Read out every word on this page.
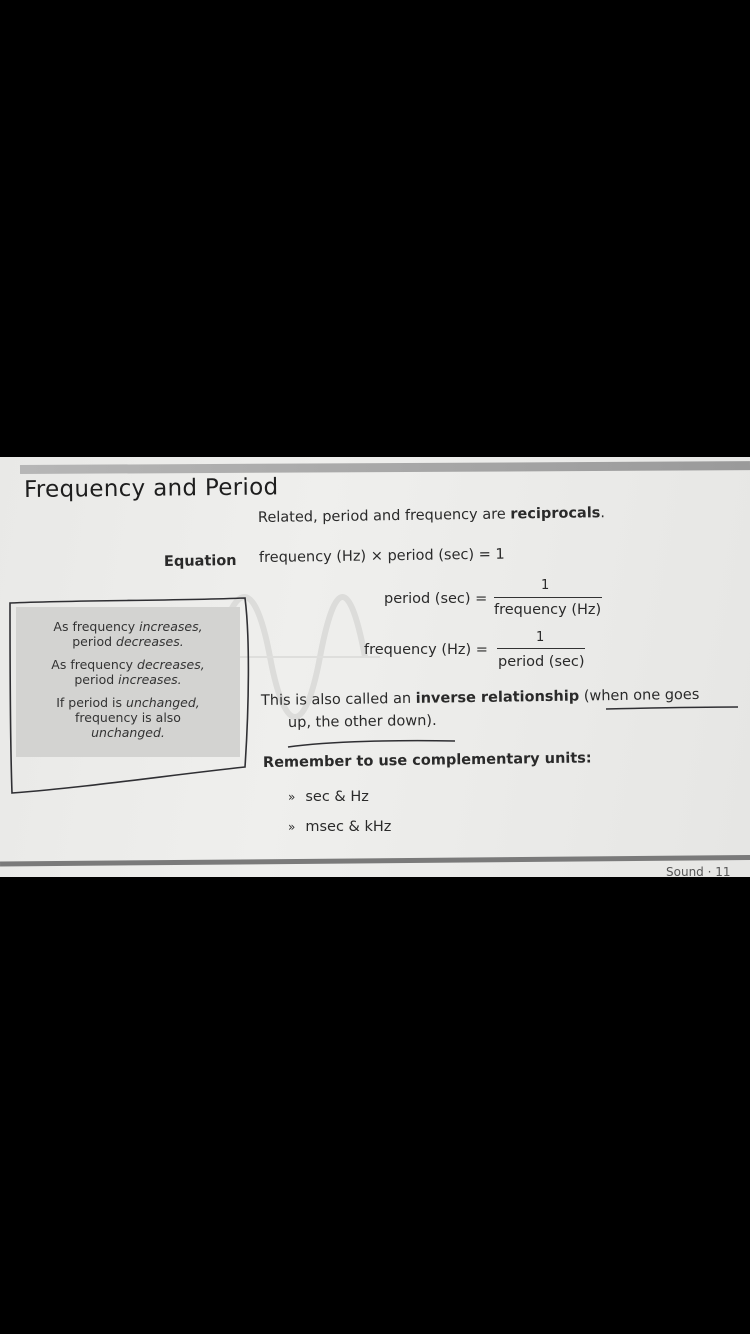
Frequency and Period
Related, period and frequency are reciprocals.
Equation frequency (Hz) × period (sec) = 1
period (sec) =
1
frequency (Hz)
frequency (Hz) =
1
period (sec)
This is also called an inverse relationship (when one goes
up, the other down).
Remember to use complementary units:
» sec & Hz
» msec & kHz
As frequency increases,
period decreases.
As frequency decreases,
period increases.
If period is unchanged,
frequency is also
unchanged.
Sound · 11
